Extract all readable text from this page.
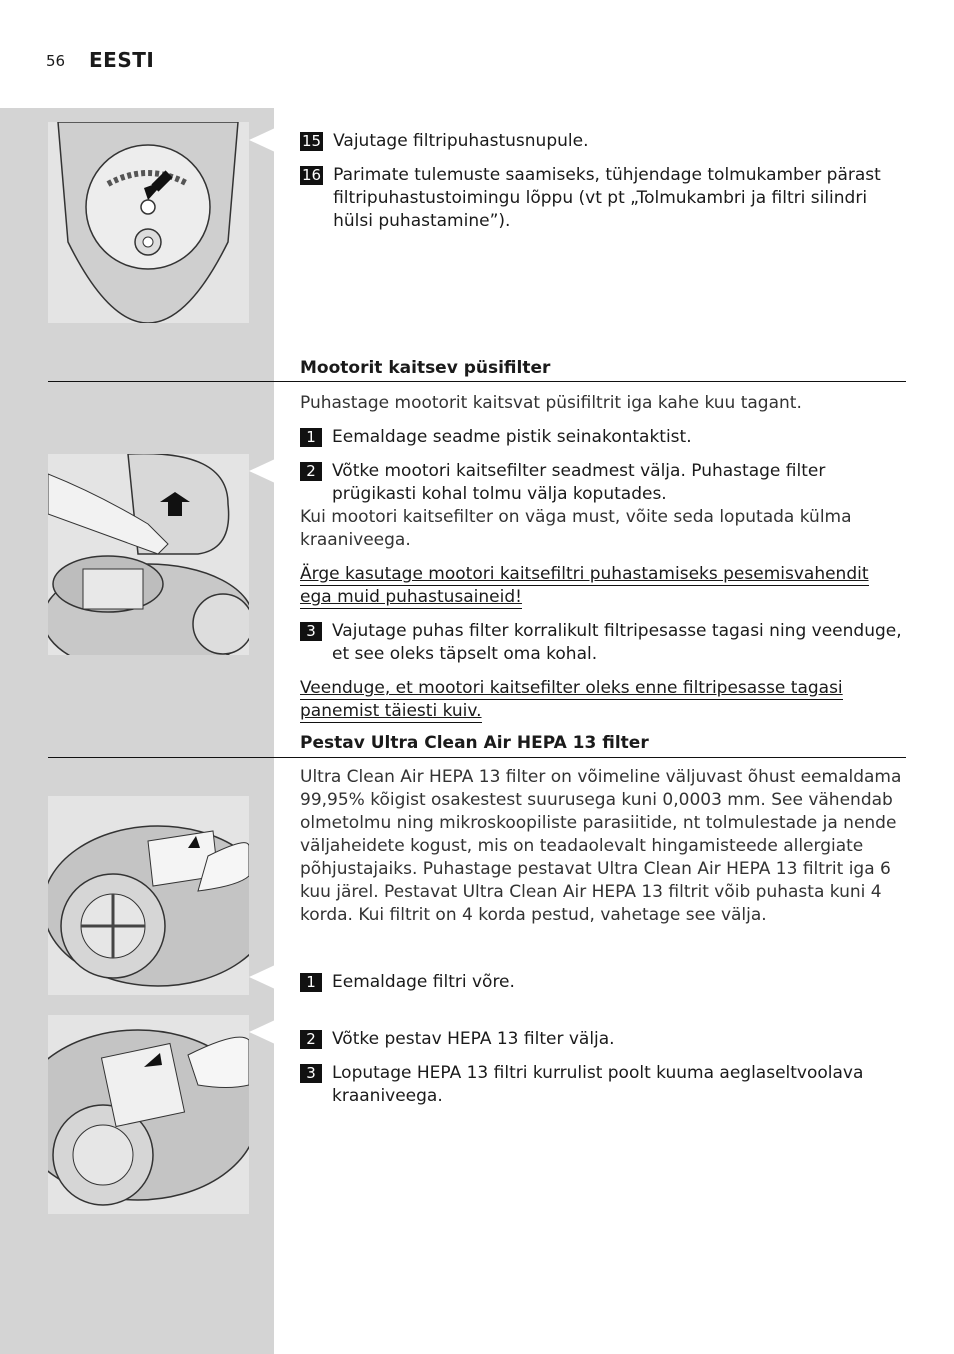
56 EESTI
15 Vajutage filtripuhastusnupule.
16 Parimate tulemuste saamiseks, tühjendage tolmukamber pärast filtripuhastustoimingu lõppu (vt pt „Tolmukambri ja filtri silindri hülsi puhastamine”).
Mootorit kaitsev püsifilter
Puhastage mootorit kaitsvat püsifiltrit iga kahe kuu tagant.
1 Eemaldage seadme pistik seinakontaktist.
2 Võtke mootori kaitsefilter seadmest välja. Puhastage filter prügikasti kohal tolmu välja koputades.
Kui mootori kaitsefilter on väga must, võite seda loputada külma kraaniveega.
Ärge kasutage mootori kaitsefiltri puhastamiseks pesemisvahendit ega muid puhastusaineid!
3 Vajutage puhas filter korralikult filtripesasse tagasi ning veenduge, et see oleks täpselt oma kohal.
Veenduge, et mootori kaitsefilter oleks enne filtripesasse tagasi panemist täiesti kuiv.
Pestav Ultra Clean Air HEPA 13 filter
Ultra Clean Air HEPA 13 filter on võimeline väljuvast õhust eemaldama 99,95% kõigist osakestest suurusega kuni 0,0003 mm. See vähendab olmetolmu ning mikroskoopiliste parasiitide, nt tolmulestade ja nende väljaheidete kogust, mis on teadaolevalt hingamisteede allergiate põhjustajaiks. Puhastage pestavat Ultra Clean Air HEPA 13 filtrit iga 6 kuu järel. Pestavat Ultra Clean Air HEPA 13 filtrit võib puhasta kuni 4 korda. Kui filtrit on 4 korda pestud, vahetage see välja.
1 Eemaldage filtri võre.
2 Võtke pestav HEPA 13 filter välja.
3 Loputage HEPA 13 filtri kurrulist poolt kuuma aeglaseltvoolava kraaniveega.
